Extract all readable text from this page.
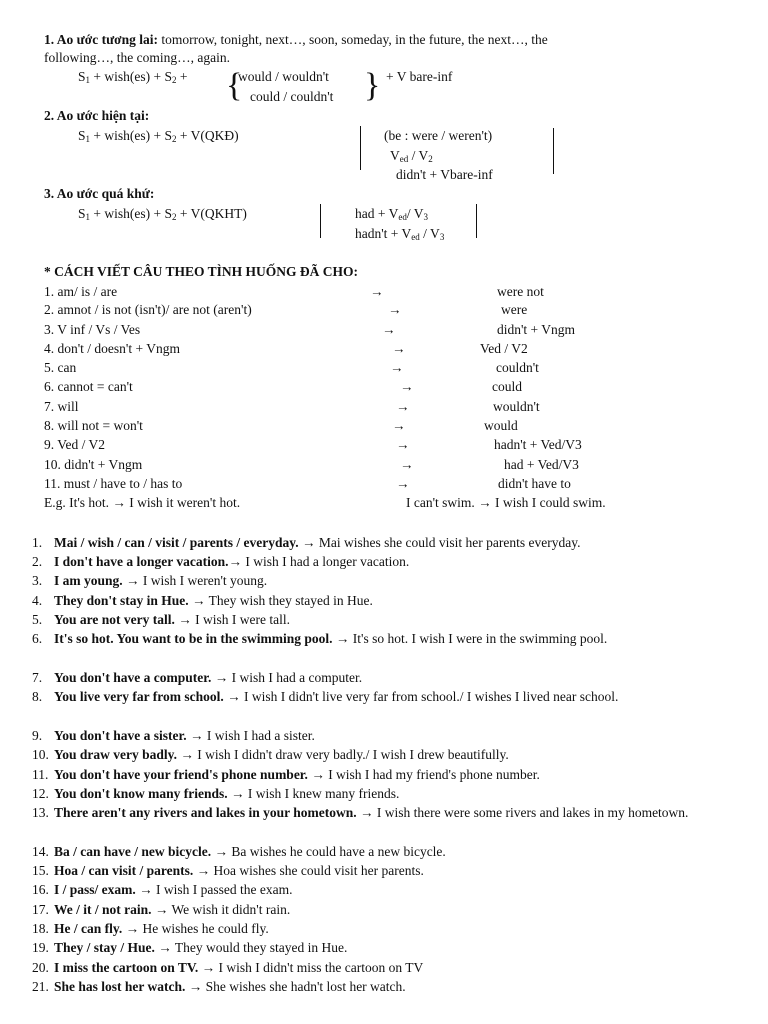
1. Ao ước tương lai: tomorrow, tonight, next…, soon, someday, in the future, the next…, the
following…, the coming…, again.
$S_1$ + wish(es) + $S_2$ + {
would / wouldn't
could / couldn't } + V bare-inf
2. Ao ước hiện tại:
$S_1$ + wish(es) + $S_2$ + V(QKĐ)	(be : were / weren't)
$V_{ed} / V_2$
didn't + Vbare-inf
3. Ao ước quá khứ:
$S_1$ + wish(es) + $S_2$ + V(QKHT)	had + $V_{ed}/$ $V_3$
hadn't + $V_{ed} / V_3$
* CÁCH VIẾT CÂU THEO TÌNH HUỐNG ĐÃ CHO:
1. am/ is / are	→	were not
2. amnot / is not (isn't)/ are not (aren't)	→	were
3. V inf / Vs / Ves	→	didn't + Vngm
4. don't / doesn't + Vngm	→	Ved / V2
5. can	→	couldn't
6. cannot = can't	→	could
7. will	→	wouldn't
8. will not = won't	→	would
9. Ved / V2	→	hadn't + Ved/V3
10. didn't + Vngm	→	had + Ved/V3
11. must / have to / has to	→	didn't have to
E.g. It's hot. → I wish it weren't hot.	I can't swim. → I wish I could swim.
1. Mai / wish / can / visit / parents / everyday. → Mai wishes she could visit her parents everyday.
2. I don't have a longer vacation.→ I wish I had a longer vacation.
3. I am young. → I wish I weren't young.
4. They don't stay in Hue. → They wish they stayed in Hue.
5. You are not very tall. → I wish I were tall.
6. It's so hot. You want to be in the swimming pool. → It's so hot. I wish I were in the swimming pool.
7. You don't have a computer. → I wish I had a computer.
8. You live very far from school. → I wish I didn't live very far from school./ I wishes I lived near school.
9. You don't have a sister. → I wish I had a sister.
10. You draw very badly. → I wish I didn't draw very badly./ I wish I drew beautifully.
11. You don't have your friend's phone number. → I wish I had my friend's phone number.
12. You don't know many friends. → I wish I knew many friends.
13. There aren't any rivers and lakes in your hometown. → I wish there were some rivers and lakes in my hometown.
14. Ba / can have / new bicycle. → Ba wishes he could have a new bicycle.
15. Hoa / can visit / parents. → Hoa wishes she could visit her parents.
16. I / pass/ exam. → I wish I passed the exam.
17. We / it / not rain. → We wish it didn't rain.
18. He / can fly. → He wishes he could fly.
19. They / stay / Hue. → They would they stayed in Hue.
20. I miss the cartoon on TV. → I wish I didn't miss the cartoon on TV
21. She has lost her watch. → She wishes she hadn't lost her watch.
